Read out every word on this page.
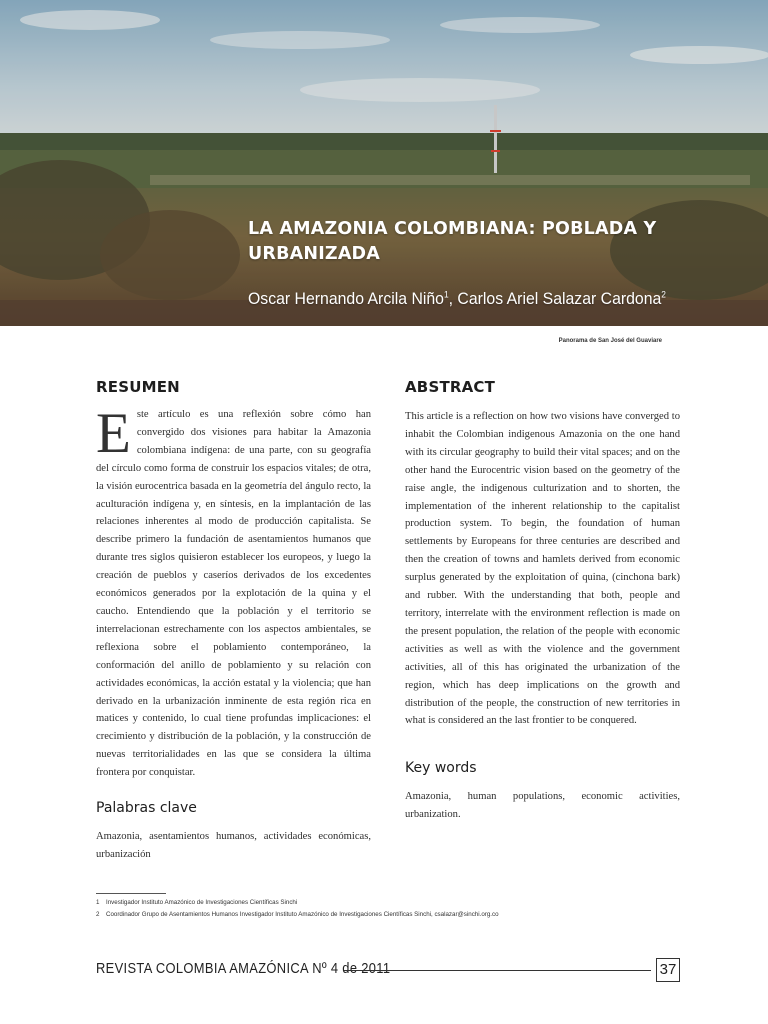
LA AMAZONIA COLOMBIANA: POBLADA Y
URBANIZADA

Oscar Hernando Arcila Niño$^1$, Carlos Ariel Salazar Cardona$^2$

Panorama de San José del Guaviare
RESUMEN

Este artículo es una reflexión sobre cómo han convergido dos visiones para habitar la Amazonia colombiana indígena: de una parte, con su geografía del círculo como forma de construir los espacios vitales; de otra, la visión eurocentrica basada en la geometría del ángulo recto, la aculturación indígena y, en síntesis, en la implantación de las relaciones inherentes al modo de producción capitalista. Se describe primero la fundación de asentamientos humanos que durante tres siglos quisieron establecer los europeos, y luego la creación de pueblos y caseríos derivados de los excedentes económicos generados por la explotación de la quina y el caucho. Entendiendo que la población y el territorio se interrelacionan estrechamente con los aspectos ambientales, se reflexiona sobre el poblamiento contemporáneo, la conformación del anillo de poblamiento y su relación con actividades económicas, la acción estatal y la violencia; que han derivado en la urbanización inminente de esta región rica en matices y contenido, lo cual tiene profundas implicaciones: el crecimiento y distribución de la población, y la construcción de nuevas territorialidades en las que se considera la última frontera por conquistar.

Palabras clave

Amazonia, asentamientos humanos, actividades económicas, urbanización

ABSTRACT

This article is a reflection on how two visions have converged to inhabit the Colombian indigenous Amazonia on the one hand with its circular geography to build their vital spaces; and on the other hand the Eurocentric vision based on the geometry of the raise angle, the indigenous culturization and to shorten, the implementation of the inherent relationship to the capitalist production system. To begin, the foundation of human settlements by Europeans for three centuries are described and then the creation of towns and hamlets derived from economic surplus generated by the exploitation of quina, (cinchona bark) and rubber. With the understanding that both, people and territory, interrelate with the environment reflection is made on the present population, the relation of the people with economic activities as well as with the violence and the government activities, all of this has originated the urbanization of the region, which has deep implications on the growth and distribution of the people, the construction of new territories in what is considered an the last frontier to be conquered.

Key words

Amazonia, human populations, economic activities, urbanization.

1 Investigador Instituto Amazónico de Investigaciones Científicas Sinchi
2 Coordinador Grupo de Asentamientos Humanos Investigador Instituto Amazónico de Investigaciones Científicas Sinchi, csalazar@sinchi.org.co
REVISTA COLOMBIA AMAZÓNICA Nº 4 de 2011	37
